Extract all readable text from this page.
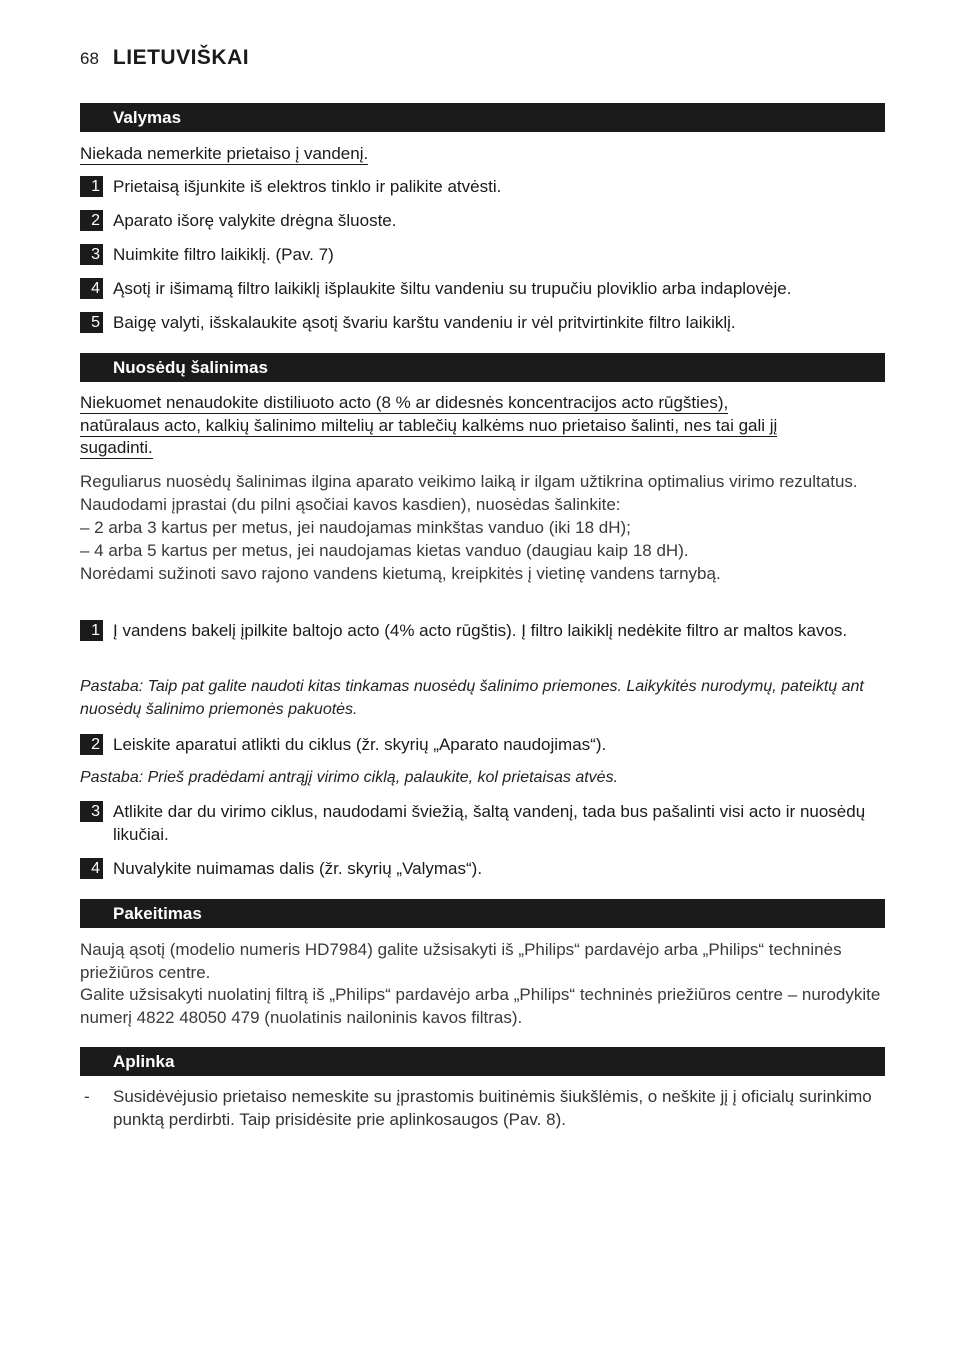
68 LIETUVIŠKAI
Valymas
Niekada nemerkite prietaiso į vandenį.
1 Prietaisą išjunkite iš elektros tinklo ir palikite atvėsti.
2 Aparato išorę valykite drėgna šluoste.
3 Nuimkite filtro laikiklį. (Pav. 7)
4 Ąsotį ir išimamą filtro laikiklį išplaukite šiltu vandeniu su trupučiu ploviklio arba indaplovėje.
5 Baigę valyti, išskalaukite ąsotį švariu karštu vandeniu ir vėl pritvirtinkite filtro laikiklį.
Nuosėdų šalinimas
Niekuomet nenaudokite distiliuoto acto (8 % ar didesnės koncentracijos acto rūgšties),
natūralaus acto, kalkių šalinimo miltelių ar tablečių kalkėms nuo prietaiso šalinti, nes tai gali jį
sugadinti.
Reguliarus nuosėdų šalinimas ilgina aparato veikimo laiką ir ilgam užtikrina optimalius virimo rezultatus.
Naudodami įprastai (du pilni ąsočiai kavos kasdien), nuosėdas šalinkite:
– 2 arba 3 kartus per metus, jei naudojamas minkštas vanduo (iki 18 dH);
– 4 arba 5 kartus per metus, jei naudojamas kietas vanduo (daugiau kaip 18 dH).
Norėdami sužinoti savo rajono vandens kietumą, kreipkitės į vietinę vandens tarnybą.
1 Į vandens bakelį įpilkite baltojo acto (4% acto rūgštis). Į filtro laikiklį nedėkite filtro ar maltos kavos.
Pastaba: Taip pat galite naudoti kitas tinkamas nuosėdų šalinimo priemones. Laikykitės nurodymų, pateiktų ant nuosėdų šalinimo priemonės pakuotės.
2 Leiskite aparatui atlikti du ciklus (žr. skyrių „Aparato naudojimas“).
Pastaba: Prieš pradėdami antrąjį virimo ciklą, palaukite, kol prietaisas atvės.
3 Atlikite dar du virimo ciklus, naudodami šviežią, šaltą vandenį, tada bus pašalinti visi acto ir nuosėdų likučiai.
4 Nuvalykite nuimamas dalis (žr. skyrių „Valymas“).
Pakeitimas
Naują ąsotį (modelio numeris HD7984) galite užsisakyti iš „Philips“ pardavėjo arba „Philips“ techninės priežiūros centre.
Galite užsisakyti nuolatinį filtrą iš „Philips“ pardavėjo arba „Philips“ techninės priežiūros centre – nurodykite numerį 4822 48050 479 (nuolatinis nailoninis kavos filtras).
Aplinka
-	Susidėvėjusio prietaiso nemeskite su įprastomis buitinėmis šiukšlėmis, o neškite jį į oficialų surinkimo punktą perdirbti. Taip prisidėsite prie aplinkosaugos (Pav. 8).
